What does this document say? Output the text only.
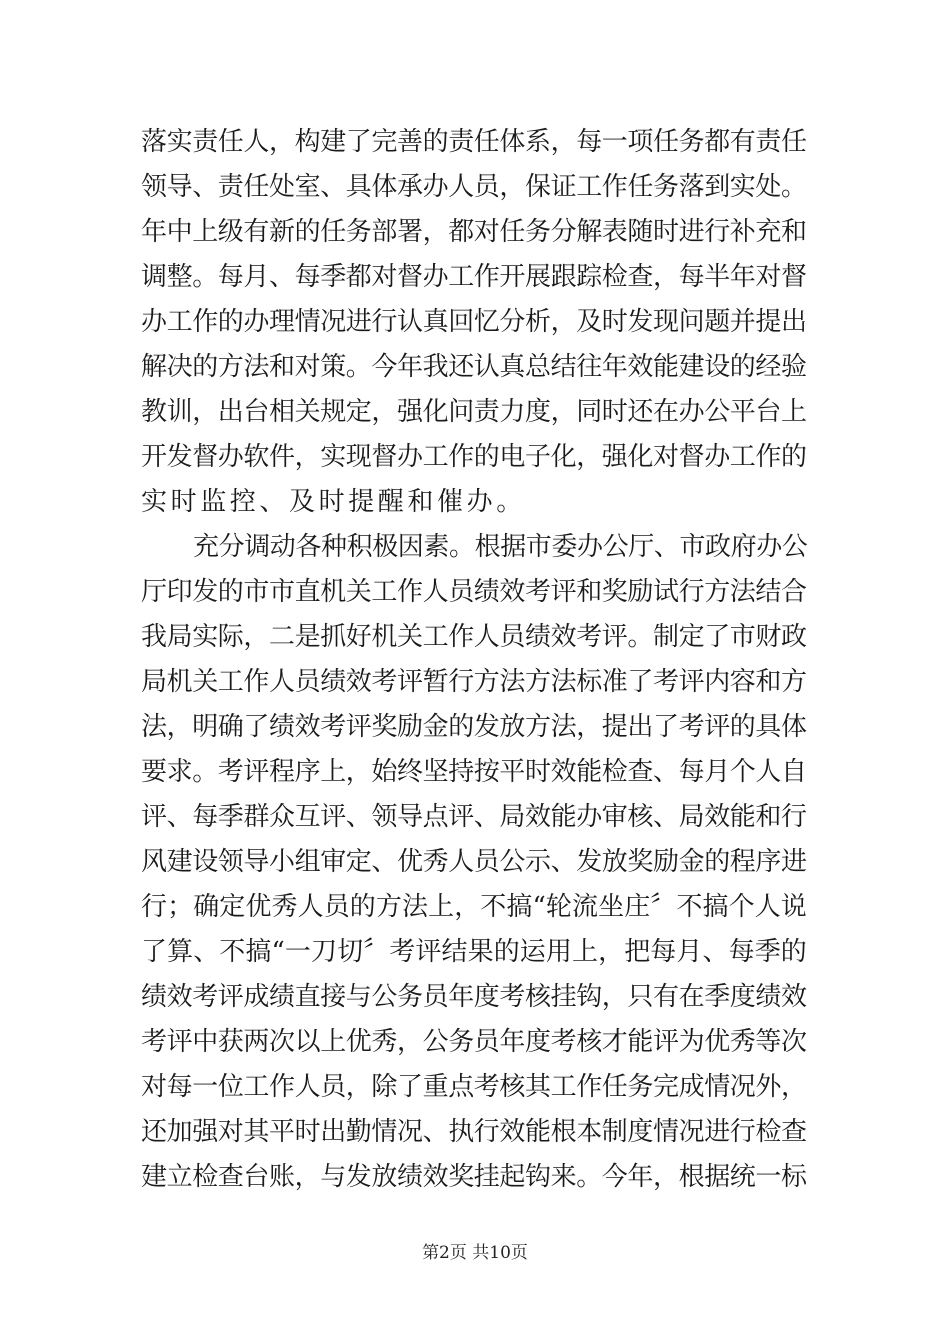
落实责任人，构建了完善的责任体系，每一项任务都有责任
领导、责任处室、具体承办人员，保证工作任务落到实处。
年中上级有新的任务部署，都对任务分解表随时进行补充和
调整。每月、每季都对督办工作开展跟踪检查，每半年对督
办工作的办理情况进行认真回忆分析，及时发现问题并提出
解决的方法和对策。今年我还认真总结往年效能建设的经验
教训，出台相关规定，强化问责力度，同时还在办公平台上
开发督办软件，实现督办工作的电子化，强化对督办工作的
实时监控、及时提醒和催办。
充分调动各种积极因素。根据市委办公厅、市政府办公
厅印发的市市直机关工作人员绩效考评和奖励试行方法结合
我局实际，二是抓好机关工作人员绩效考评。制定了市财政
局机关工作人员绩效考评暂行方法方法标准了考评内容和方
法，明确了绩效考评奖励金的发放方法，提出了考评的具体
要求。考评程序上，始终坚持按平时效能检查、每月个人自
评、每季群众互评、领导点评、局效能办审核、局效能和行
风建设领导小组审定、优秀人员公示、发放奖励金的程序进
行；确定优秀人员的方法上，不搞“轮流坐庄〞不搞个人说
了算、不搞“一刀切〞考评结果的运用上，把每月、每季的
绩效考评成绩直接与公务员年度考核挂钩，只有在季度绩效
考评中获两次以上优秀，公务员年度考核才能评为优秀等次
对每一位工作人员，除了重点考核其工作任务完成情况外，
还加强对其平时出勤情况、执行效能根本制度情况进行检查
建立检查台账，与发放绩效奖挂起钩来。今年，根据统一标
第2页 共10页
